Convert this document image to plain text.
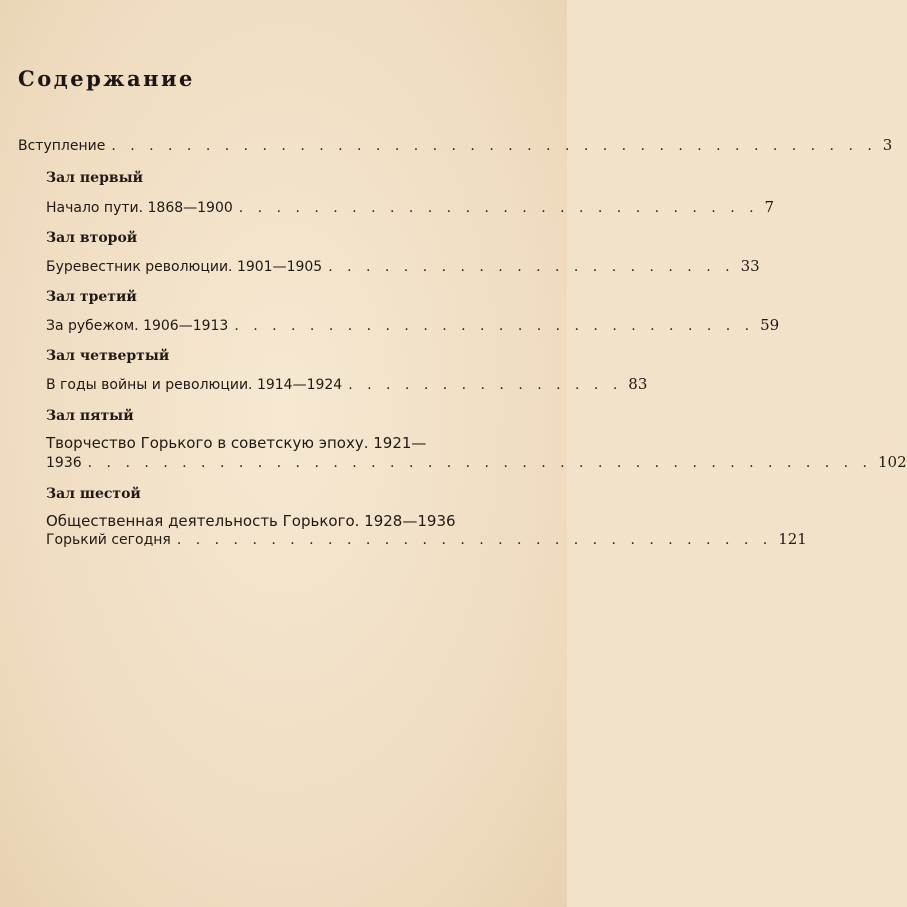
Содержание
Вступление . . . . . . . . . . . . . . . . . . . . . . . . . . . . . . . . . . . . . . . . . 3
Зал первый
Начало пути. 1868—1900 . . . . . . . . . . . . . . . . . . . . . . . . . . . . 7
Зал второй
Буревестник революции. 1901—1905 . . . . . . . . . . . . . . . . . . . . . . 33
Зал третий
За рубежом. 1906—1913 . . . . . . . . . . . . . . . . . . . . . . . . . . . . 59
Зал четвертый
В годы войны и революции. 1914—1924 . . . . . . . . . . . . . . . 83
Зал пятый
Творчество Горького в советскую эпоху. 1921—
1936 . . . . . . . . . . . . . . . . . . . . . . . . . . . . . . . . . . . . . . . . . . 102
Зал шестой
Общественная деятельность Горького. 1928—1936
Горький сегодня . . . . . . . . . . . . . . . . . . . . . . . . . . . . . . . . 121
